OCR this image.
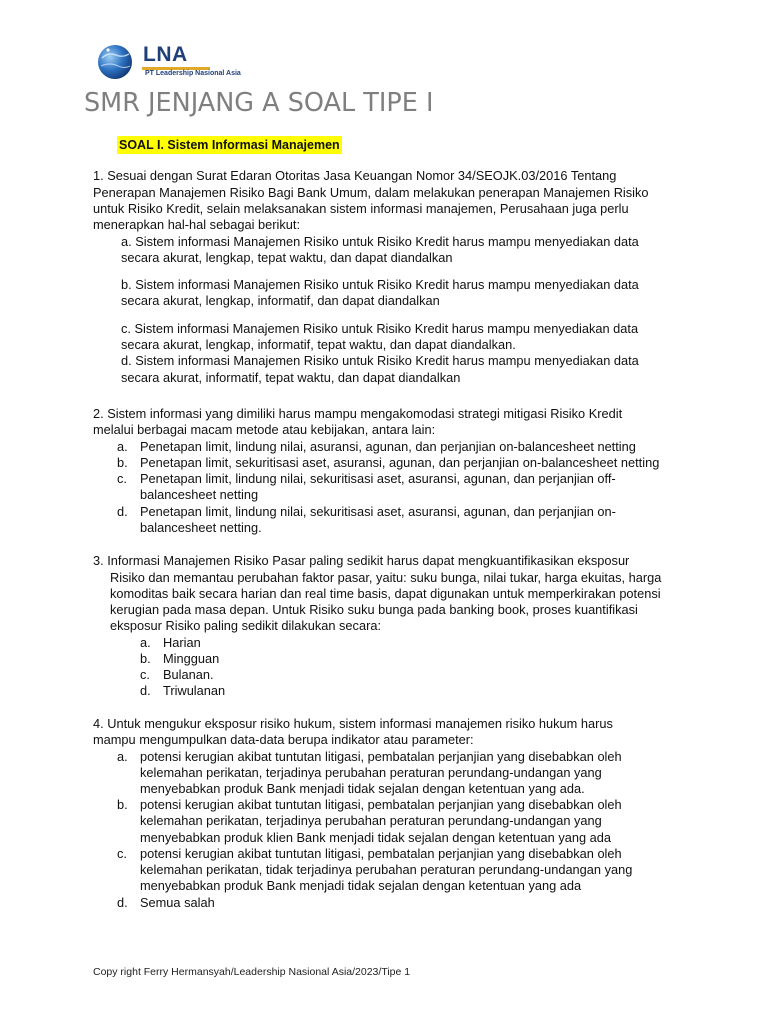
LNA
PT Leadership Nasional Asia
SMR JENJANG A SOAL TIPE I
SOAL I. Sistem Informasi Manajemen
1. Sesuai dengan Surat Edaran Otoritas Jasa Keuangan Nomor 34/SEOJK.03/2016 Tentang
Penerapan Manajemen Risiko Bagi Bank Umum, dalam melakukan penerapan Manajemen Risiko
untuk Risiko Kredit, selain melaksanakan sistem informasi manajemen, Perusahaan juga perlu
menerapkan hal-hal sebagai berikut:
a. Sistem informasi Manajemen Risiko untuk Risiko Kredit harus mampu menyediakan data
secara akurat, lengkap, tepat waktu, dan dapat diandalkan
b. Sistem informasi Manajemen Risiko untuk Risiko Kredit harus mampu menyediakan data
secara akurat, lengkap, informatif, dan dapat diandalkan
c. Sistem informasi Manajemen Risiko untuk Risiko Kredit harus mampu menyediakan data
secara akurat, lengkap, informatif, tepat waktu, dan dapat diandalkan.
d. Sistem informasi Manajemen Risiko untuk Risiko Kredit harus mampu menyediakan data
secara akurat, informatif, tepat waktu, dan dapat diandalkan
2. Sistem informasi yang dimiliki harus mampu mengakomodasi strategi mitigasi Risiko Kredit
melalui berbagai macam metode atau kebijakan, antara lain:
a. Penetapan limit, lindung nilai, asuransi, agunan, dan perjanjian on-balancesheet netting
b. Penetapan limit, sekuritisasi aset, asuransi, agunan, dan perjanjian on-balancesheet netting
c. Penetapan limit, lindung nilai, sekuritisasi aset, asuransi, agunan, dan perjanjian off-
balancesheet netting
d. Penetapan limit, lindung nilai, sekuritisasi aset, asuransi, agunan, dan perjanjian on-
balancesheet netting.
3. Informasi Manajemen Risiko Pasar paling sedikit harus dapat mengkuantifikasikan eksposur
Risiko dan memantau perubahan faktor pasar, yaitu: suku bunga, nilai tukar, harga ekuitas, harga
komoditas baik secara harian dan real time basis, dapat digunakan untuk memperkirakan potensi
kerugian pada masa depan. Untuk Risiko suku bunga pada banking book, proses kuantifikasi
eksposur Risiko paling sedikit dilakukan secara:
a. Harian
b. Mingguan
c. Bulanan.
d. Triwulanan
4. Untuk mengukur eksposur risiko hukum, sistem informasi manajemen risiko hukum harus
mampu mengumpulkan data-data berupa indikator atau parameter:
a. potensi kerugian akibat tuntutan litigasi, pembatalan perjanjian yang disebabkan oleh
kelemahan perikatan, terjadinya perubahan peraturan perundang-undangan yang
menyebabkan produk Bank menjadi tidak sejalan dengan ketentuan yang ada.
b. potensi kerugian akibat tuntutan litigasi, pembatalan perjanjian yang disebabkan oleh
kelemahan perikatan, terjadinya perubahan peraturan perundang-undangan yang
menyebabkan produk klien Bank menjadi tidak sejalan dengan ketentuan yang ada
c. potensi kerugian akibat tuntutan litigasi, pembatalan perjanjian yang disebabkan oleh
kelemahan perikatan, tidak terjadinya perubahan peraturan perundang-undangan yang
menyebabkan produk Bank menjadi tidak sejalan dengan ketentuan yang ada
d. Semua salah
Copy right Ferry Hermansyah/Leadership Nasional Asia/2023/Tipe 1
